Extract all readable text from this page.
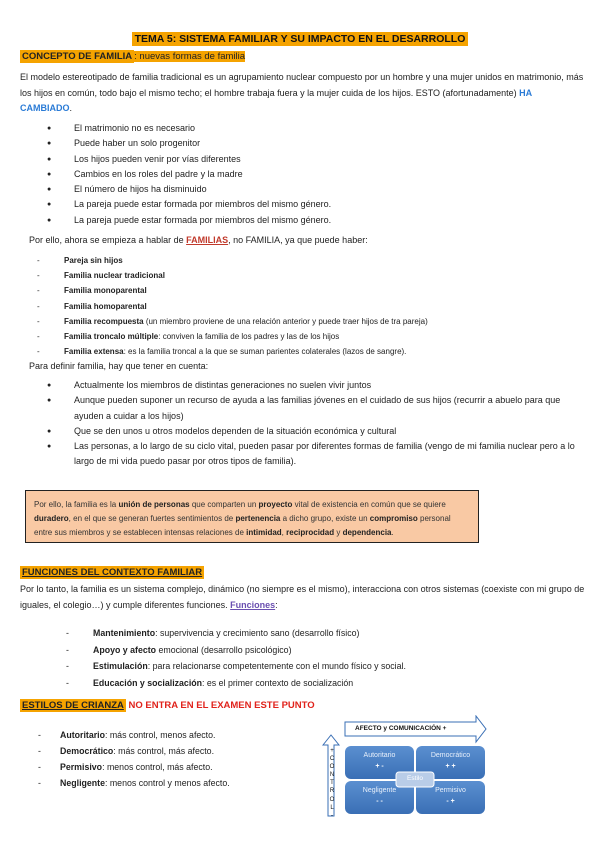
TEMA 5: SISTEMA FAMILIAR Y SU IMPACTO EN EL DESARROLLO
CONCEPTO DE FAMILIA : nuevas formas de familia

El modelo estereotipado de familia tradicional es un agrupamiento nuclear compuesto por un hombre y una mujer unidos en matrimonio, más los hijos en común, todo bajo el mismo techo; el hombre trabaja fuera y la mujer cuida de los hijos. ESTO (afortunadamente) HA CAMBIADO.

● El matrimonio no es necesario
● Puede haber un solo progenitor
● Los hijos pueden venir por vías diferentes
● Cambios en los roles del padre y la madre
● El número de hijos ha disminuido
● La pareja puede estar formada por miembros del mismo género.
● La pareja puede estar formada por miembros del mismo género.
Por ello, ahora se empieza a hablar de FAMILIAS, no FAMILIA, ya que puede haber:
- Pareja sin hijos
- Familia nuclear tradicional
- Familia monoparental
- Familia homoparental
- Familia recompuesta (un miembro proviene de una relación anterior y puede traer hijos de tra pareja)
- Familia troncalo múltiple: conviven la familia de los padres y las de los hijos
- Familia extensa: es la familia troncal a la que se suman parientes colaterales (lazos de sangre).
Para definir familia, hay que tener en cuenta:
● Actualmente los miembros de distintas generaciones no suelen vivir juntos
● Aunque pueden suponer un recurso de ayuda a las familias jóvenes en el cuidado de sus hijos (recurrir a abuelo para que ayuden a cuidar a los hijos)
● Que se den unos u otros modelos dependen de la situación económica y cultural
● Las personas, a lo largo de su ciclo vital, pueden pasar por diferentes formas de familia (vengo de mi familia nuclear pero a lo largo de mi vida puedo pasar por otros tipos de familia).
Por ello, la familia es la unión de personas que comparten un proyecto vital de existencia en común que se quiere duradero, en el que se generan fuertes sentimientos de pertenencia a dicho grupo, existe un compromiso personal entre sus miembros y se establecen intensas relaciones de intimidad, reciprocidad y dependencia.
FUNCIONES DEL CONTEXTO FAMILIAR

Por lo tanto, la familia es un sistema complejo, dinámico (no siempre es el mismo), interacciona con otros sistemas (coexiste con mi grupo de iguales, el colegio…) y cumple diferentes funciones. Funciones:

- Mantenimiento: supervivencia y crecimiento sano (desarrollo físico)
- Apoyo y afecto emocional (desarrollo psicológico)
- Estimulación: para relacionarse competentemente con el mundo físico y social.
- Educación y socialización: es el primer contexto de socialización
ESTILOS DE CRIANZA NO ENTRA EN EL EXAMEN ESTE PUNTO
- Autoritario: más control, menos afecto.
- Democrático: más control, más afecto.
- Permisivo: menos control, más afecto.
- Negligente: menos control y menos afecto.
AFECTO y COMUNICACIÓN +
+
C
O
N
T
R
O
L
-
Autoritario
+ -
Democrático
+ +
Negligente
- -
Permisivo
- +
Estilo
